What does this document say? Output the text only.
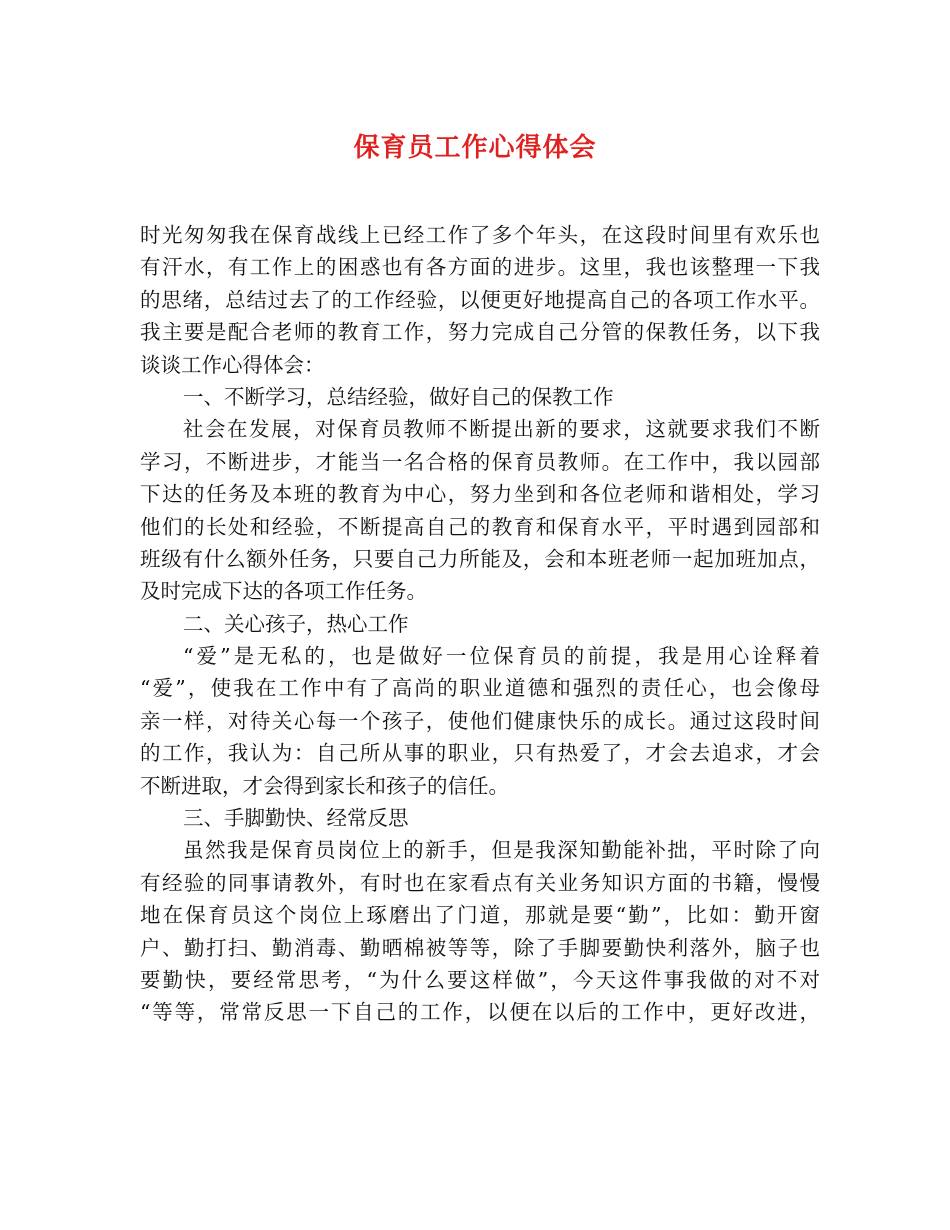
保育员工作心得体会
时光匆匆我在保育战线上已经工作了多个年头，在这段时间里有欢乐也
有汗水，有工作上的困惑也有各方面的进步。这里，我也该整理一下我
的思绪，总结过去了的工作经验，以便更好地提高自己的各项工作水平。
我主要是配合老师的教育工作，努力完成自己分管的保教任务，以下我
谈谈工作心得体会：
一、不断学习，总结经验，做好自己的保教工作
社会在发展，对保育员教师不断提出新的要求，这就要求我们不断
学习，不断进步，才能当一名合格的保育员教师。在工作中，我以园部
下达的任务及本班的教育为中心，努力坐到和各位老师和谐相处，学习
他们的长处和经验，不断提高自己的教育和保育水平，平时遇到园部和
班级有什么额外任务，只要自己力所能及，会和本班老师一起加班加点，
及时完成下达的各项工作任务。
二、关心孩子，热心工作
“爱”是无私的，也是做好一位保育员的前提，我是用心诠释着
“爱”，使我在工作中有了高尚的职业道德和强烈的责任心，也会像母
亲一样，对待关心每一个孩子，使他们健康快乐的成长。通过这段时间
的工作，我认为：自己所从事的职业，只有热爱了，才会去追求，才会
不断进取，才会得到家长和孩子的信任。
三、手脚勤快、经常反思
虽然我是保育员岗位上的新手，但是我深知勤能补拙，平时除了向
有经验的同事请教外，有时也在家看点有关业务知识方面的书籍，慢慢
地在保育员这个岗位上琢磨出了门道，那就是要“勤”，比如：勤开窗
户、勤打扫、勤消毒、勤晒棉被等等，除了手脚要勤快利落外，脑子也
要勤快，要经常思考，“为什么要这样做”，今天这件事我做的对不对
“等等，常常反思一下自己的工作，以便在以后的工作中，更好改进，
